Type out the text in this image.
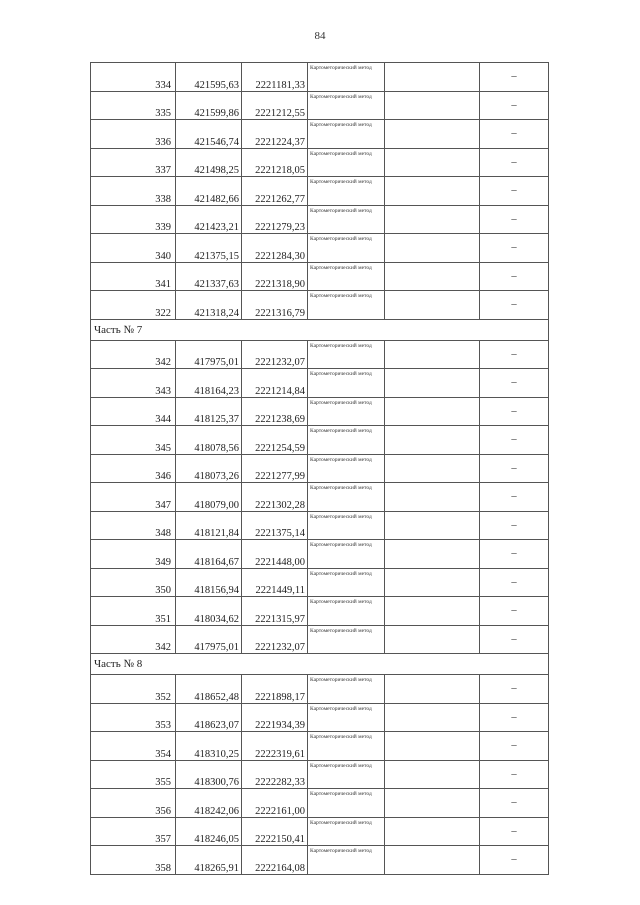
84
334	421595,63	2221181,33	Картометорический метод		–
335	421599,86	2221212,55	Картометорический метод		–
336	421546,74	2221224,37	Картометорический метод		–
337	421498,25	2221218,05	Картометорический метод		–
338	421482,66	2221262,77	Картометорический метод		–
339	421423,21	2221279,23	Картометорический метод		–
340	421375,15	2221284,30	Картометорический метод		–
341	421337,63	2221318,90	Картометорический метод		–
322	421318,24	2221316,79	Картометорический метод		–
Часть № 7					
342	417975,01	2221232,07	Картометорический метод		–
343	418164,23	2221214,84	Картометорический метод		–
344	418125,37	2221238,69	Картометорический метод		–
345	418078,56	2221254,59	Картометорический метод		–
346	418073,26	2221277,99	Картометорический метод		–
347	418079,00	2221302,28	Картометорический метод		–
348	418121,84	2221375,14	Картометорический метод		–
349	418164,67	2221448,00	Картометорический метод		–
350	418156,94	2221449,11	Картометорический метод		–
351	418034,62	2221315,97	Картометорический метод		–
342	417975,01	2221232,07	Картометорический метод		–
Часть № 8					
352	418652,48	2221898,17	Картометорический метод		–
353	418623,07	2221934,39	Картометорический метод		–
354	418310,25	2222319,61	Картометорический метод		–
355	418300,76	2222282,33	Картометорический метод		–
356	418242,06	2222161,00	Картометорический метод		–
357	418246,05	2222150,41	Картометорический метод		–
358	418265,91	2222164,08	Картометорический метод		–
